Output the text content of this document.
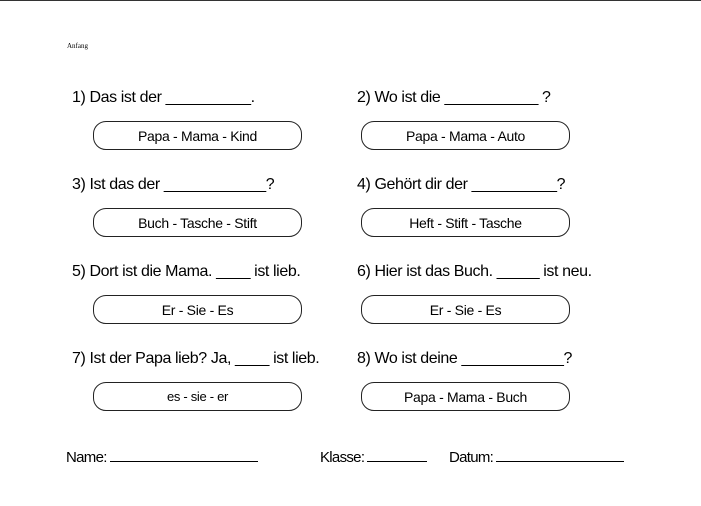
Anfang
1) Das ist der __________.
Papa - Mama - Kind
2) Wo ist die ___________ ?
Papa - Mama - Auto
3) Ist das der ____________?
Buch - Tasche - Stift
4) Gehört dir der __________?
Heft - Stift - Tasche
5) Dort ist die Mama. ____ ist lieb.
Er - Sie - Es
6) Hier ist das Buch. _____ ist neu.
Er - Sie - Es
7) Ist der Papa lieb? Ja, ____ ist lieb.
es - sie - er
8) Wo ist deine ____________?
Papa - Mama - Buch
Name:	Klasse:	Datum:
